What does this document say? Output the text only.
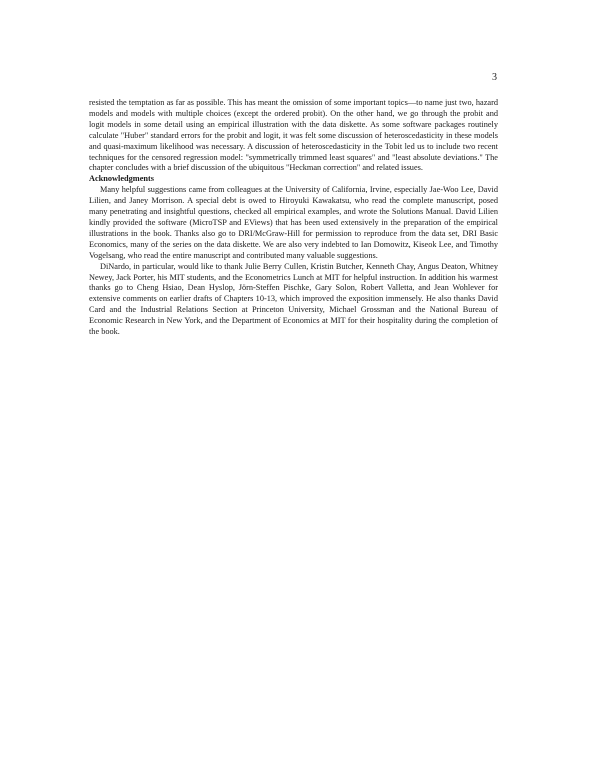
3

resisted the temptation as far as possible. This has meant the omission of some important topics—to name just two, hazard models and models with multiple choices (except the ordered probit). On the other hand, we go through the probit and logit models in some detail using an empirical illustration with the data diskette. As some software packages routinely calculate "Huber" standard errors for the probit and logit, it was felt some discussion of heteroscedasticity in these models and quasi-maximum likelihood was necessary. A discussion of heteroscedasticity in the Tobit led us to include two recent techniques for the censored regression model: "symmetrically trimmed least squares" and "least absolute deviations." The chapter concludes with a brief discussion of the ubiquitous "Heckman correction" and related issues.

Acknowledgments

Many helpful suggestions came from colleagues at the University of California, Irvine, especially Jae-Woo Lee, David Lilien, and Janey Morrison. A special debt is owed to Hiroyuki Kawakatsu, who read the complete manuscript, posed many penetrating and insightful questions, checked all empirical examples, and wrote the Solutions Manual. David Lilien kindly provided the software (MicroTSP and EViews) that has been used extensively in the preparation of the empirical illustrations in the book. Thanks also go to DRI/McGraw-Hill for permission to reproduce from the data set, DRI Basic Economics, many of the series on the data diskette. We are also very indebted to Ian Domowitz, Kiseok Lee, and Timothy Vogelsang, who read the entire manuscript and contributed many valuable suggestions.

DiNardo, in particular, would like to thank Julie Berry Cullen, Kristin Butcher, Kenneth Chay, Angus Deaton, Whitney Newey, Jack Porter, his MIT students, and the Econometrics Lunch at MIT for helpful instruction. In addition his warmest thanks go to Cheng Hsiao, Dean Hyslop, Jörn-Steffen Pischke, Gary Solon, Robert Valletta, and Jean Wohlever for extensive comments on earlier drafts of Chapters 10-13, which improved the exposition immensely. He also thanks David Card and the Industrial Relations Section at Princeton University, Michael Grossman and the National Bureau of Economic Research in New York, and the Department of Economics at MIT for their hospitality during the completion of the book.
